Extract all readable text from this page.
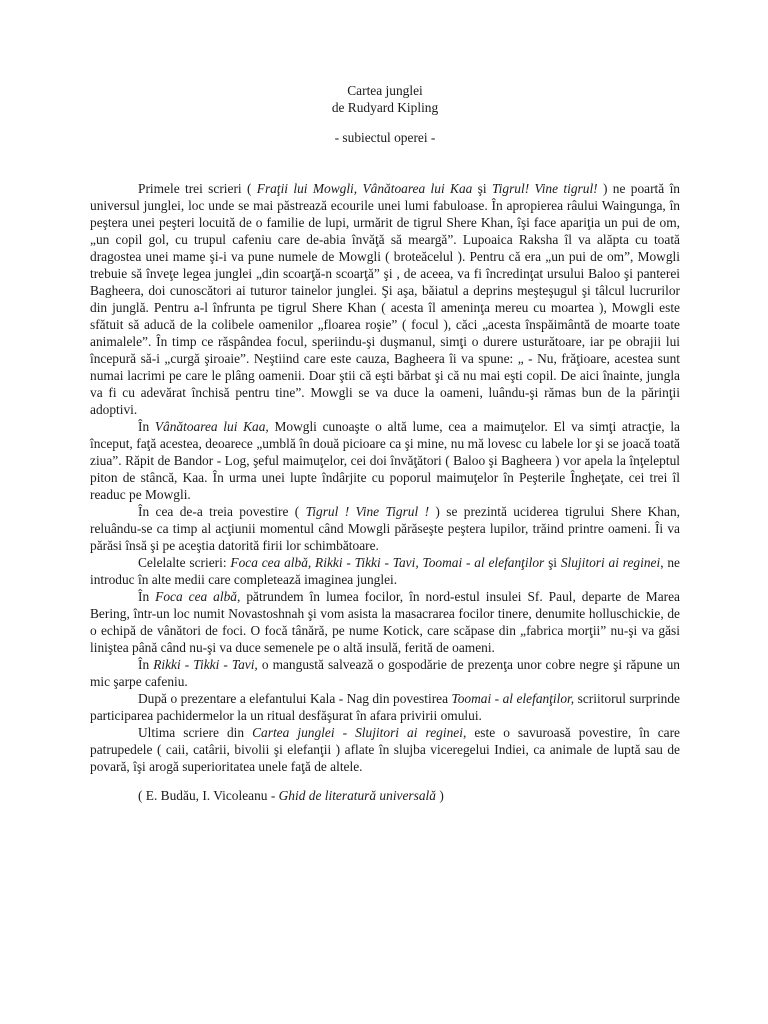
Cartea junglei
de Rudyard Kipling
- subiectul operei -

Primele trei scrieri ( Fraţii lui Mowgli, Vânătoarea lui Kaa şi Tigrul! Vine tigrul! ) ne poartă în universul junglei, loc unde se mai păstrează ecourile unei lumi fabuloase. În apropierea râului Waingunga, în peştera unei peşteri locuită de o familie de lupi, urmărit de tigrul Shere Khan, îşi face apariţia un pui de om, „un copil gol, cu trupul cafeniu care de-abia învăţă să meargă”. Lupoaica Raksha îl va alăpta cu toată dragostea unei mame şi-i va pune numele de Mowgli ( broteăcelul ). Pentru că era „un pui de om”, Mowgli trebuie să înveţe legea junglei „din scoarţă-n scoarţă” şi , de aceea, va fi încredinţat ursului Baloo şi panterei Bagheera, doi cunoscători ai tuturor tainelor junglei. Şi aşa, băiatul a deprins meşteşugul şi tâlcul lucrurilor din junglă. Pentru a-l înfrunta pe tigrul Shere Khan ( acesta îl ameninţa mereu cu moartea ), Mowgli este sfătuit să aducă de la colibele oamenilor „floarea roşie” ( focul ), căci „acesta înspăimântă de moarte toate animalele”. În timp ce răspândea focul, speriindu-şi duşmanul, simţi o durere usturătoare, iar pe obrajii lui începură să-i „curgă şiroaie”. Neştiind care este cauza, Bagheera îi va spune: „ - Nu, frăţioare, acestea sunt numai lacrimi pe care le plâng oamenii. Doar ştii că eşti bărbat şi că nu mai eşti copil. De aici înainte, jungla va fi cu adevărat închisă pentru tine”. Mowgli se va duce la oameni, luându-şi rămas bun de la părinţii adoptivi.

În Vânătoarea lui Kaa, Mowgli cunoaşte o altă lume, cea a maimuţelor. El va simţi atracţie, la început, faţă acestea, deoarece „umblă în două picioare ca şi mine, nu mă lovesc cu labele lor şi se joacă toată ziua”. Răpit de Bandor - Log, şeful maimuţelor, cei doi învăţători ( Baloo şi Bagheera ) vor apela la înţeleptul piton de stâncă, Kaa. În urma unei lupte îndârjite cu poporul maimuţelor în Peşterile Îngheţate, cei trei îl readuc pe Mowgli.

În cea de-a treia povestire ( Tigrul ! Vine Tigrul ! ) se prezintă uciderea tigrului Shere Khan, reluându-se ca timp al acţiunii momentul când Mowgli părăseşte peştera lupilor, trăind printre oameni. Îi va părăsi însă şi pe aceştia datorită firii lor schimbătoare.

Celelalte scrieri: Foca cea albă, Rikki - Tikki - Tavi, Toomai - al elefanţilor şi Slujitori ai reginei, ne introduc în alte medii care completează imaginea junglei.

În Foca cea albă, pătrundem în lumea focilor, în nord-estul insulei Sf. Paul, departe de Marea Bering, într-un loc numit Novastoshnah şi vom asista la masacrarea focilor tinere, denumite holluschickie, de o echipă de vânători de foci. O focă tânără, pe nume Kotick, care scăpase din „fabrica morţii” nu-şi va găsi liniştea până când nu-şi va duce semenele pe o altă insulă, ferită de oameni.

În Rikki - Tikki - Tavi, o mangustă salvează o gospodărie de prezenţa unor cobre negre şi răpune un mic şarpe cafeniu.

După o prezentare a elefantului Kala - Nag din povestirea Toomai - al elefanţilor, scriitorul surprinde participarea pachidermelor la un ritual desfăşurat în afara privirii omului.

Ultima scriere din Cartea junglei - Slujitori ai reginei, este o savuroasă povestire, în care patrupedele ( caii, catârii, bivolii şi elefanţii ) aflate în slujba viceregelui Indiei, ca animale de luptă sau de povară, îşi arogă superioritatea unele faţă de altele.

( E. Budău, I. Vicoleanu - Ghid de literatură universală )
